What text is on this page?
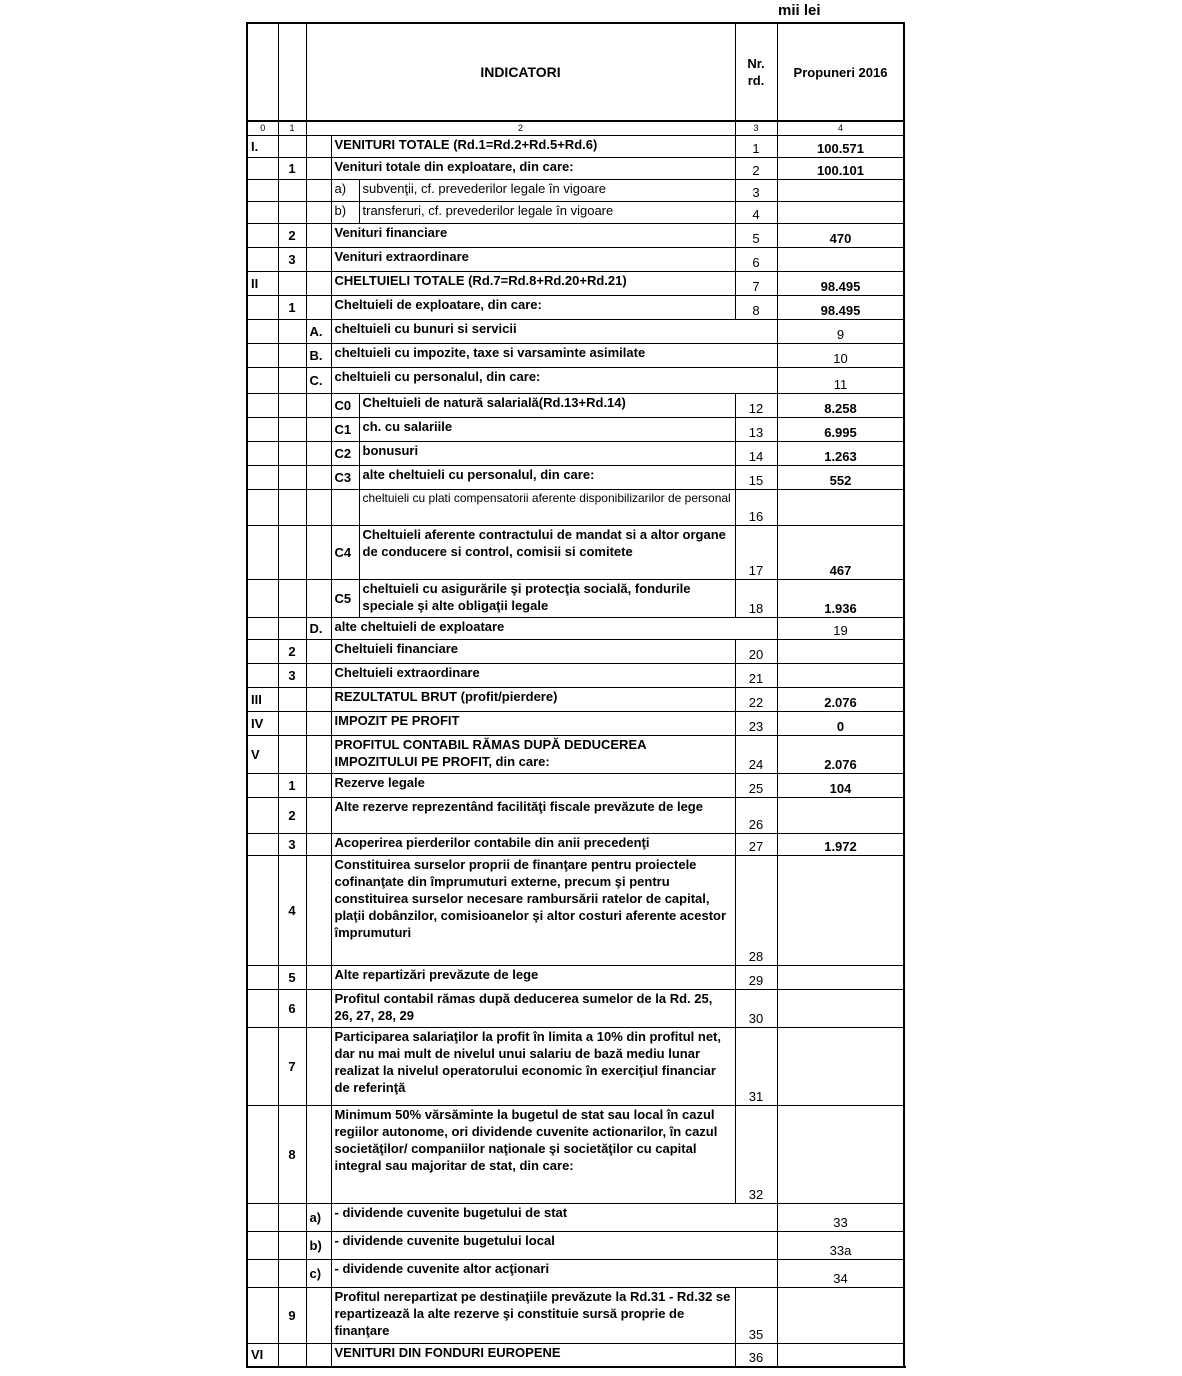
mii lei
		INDICATORI			Nr. rd.	Propuneri 2016	
0	1	2			3	4	
I.			VENITURI TOTALE (Rd.1=Rd.2+Rd.5+Rd.6)		1	100.571	
	1		Venituri totale din exploatare, din care:		2	100.101	
			a)	subvenţii, cf. prevederilor legale în vigoare	3		
			b)	transferuri, cf. prevederilor legale în vigoare	4		
	2		Venituri financiare		5	470	
	3		Venituri extraordinare		6		
II			CHELTUIELI TOTALE (Rd.7=Rd.8+Rd.20+Rd.21)		7	98.495	
	1		Cheltuieli de exploatare, din care:		8	98.495	
		A.	cheltuieli cu bunuri si servicii			9	
		B.	cheltuieli cu impozite, taxe si varsaminte asimilate			10	
		C.	cheltuieli cu personalul, din care:			11	
			C0	Cheltuieli de natură salarială(Rd.13+Rd.14)	12	8.258	
			C1	ch. cu salariile	13	6.995	
			C2	bonusuri	14	1.263	
			C3	alte cheltuieli cu personalul, din care:	15	552	
				cheltuieli cu plati compensatorii aferente disponibilizarilor de personal	16		
			C4	Cheltuieli aferente contractului de mandat si a altor organe de conducere si control, comisii si comitete	17	467	
			C5	cheltuieli cu asigurările şi protecţia socială, fondurile speciale şi alte obligaţii legale	18	1.936	
		D.	alte cheltuieli de exploatare			19	
	2		Cheltuieli financiare		20		
	3		Cheltuieli extraordinare		21		
III			REZULTATUL BRUT (profit/pierdere)		22	2.076	
IV			IMPOZIT PE PROFIT		23	0	
V			PROFITUL CONTABIL RĂMAS DUPĂ DEDUCEREA IMPOZITULUI PE PROFIT, din care:		24	2.076	
	1		Rezerve legale		25	104	
	2		Alte rezerve reprezentând facilităţi fiscale prevăzute de lege		26		
	3		Acoperirea pierderilor contabile din anii precedenţi		27	1.972	
	4		Constituirea surselor proprii de finanţare pentru proiectele cofinanţate din împrumuturi externe, precum şi pentru constituirea surselor necesare rambursării ratelor de capital, plaţii dobânzilor, comisioanelor şi altor costuri aferente acestor împrumuturi		28		
	5		Alte repartizări prevăzute de lege		29		
	6		Profitul contabil rămas după deducerea sumelor de la Rd. 25, 26, 27, 28, 29		30		
	7		Participarea salariaţilor la profit în limita a 10% din profitul net, dar nu mai mult de nivelul unui salariu de bază mediu lunar realizat la nivelul operatorului economic în exerciţiul financiar de referinţă		31		
	8		Minimum 50% vărsăminte la bugetul de stat sau local în cazul regiilor autonome, ori dividende cuvenite actionarilor, în cazul societăţilor/ companiilor naţionale şi societăţilor cu capital integral sau majoritar de stat, din care:		32		
		a)	- dividende cuvenite bugetului de stat			33	
		b)	- dividende cuvenite bugetului local			33a	
		c)	- dividende cuvenite altor acţionari			34	
	9		Profitul nerepartizat pe destinaţiile prevăzute la Rd.31 - Rd.32 se repartizează la alte rezerve şi constituie sursă proprie de finanţare		35		
VI			VENITURI DIN FONDURI EUROPENE		36		
